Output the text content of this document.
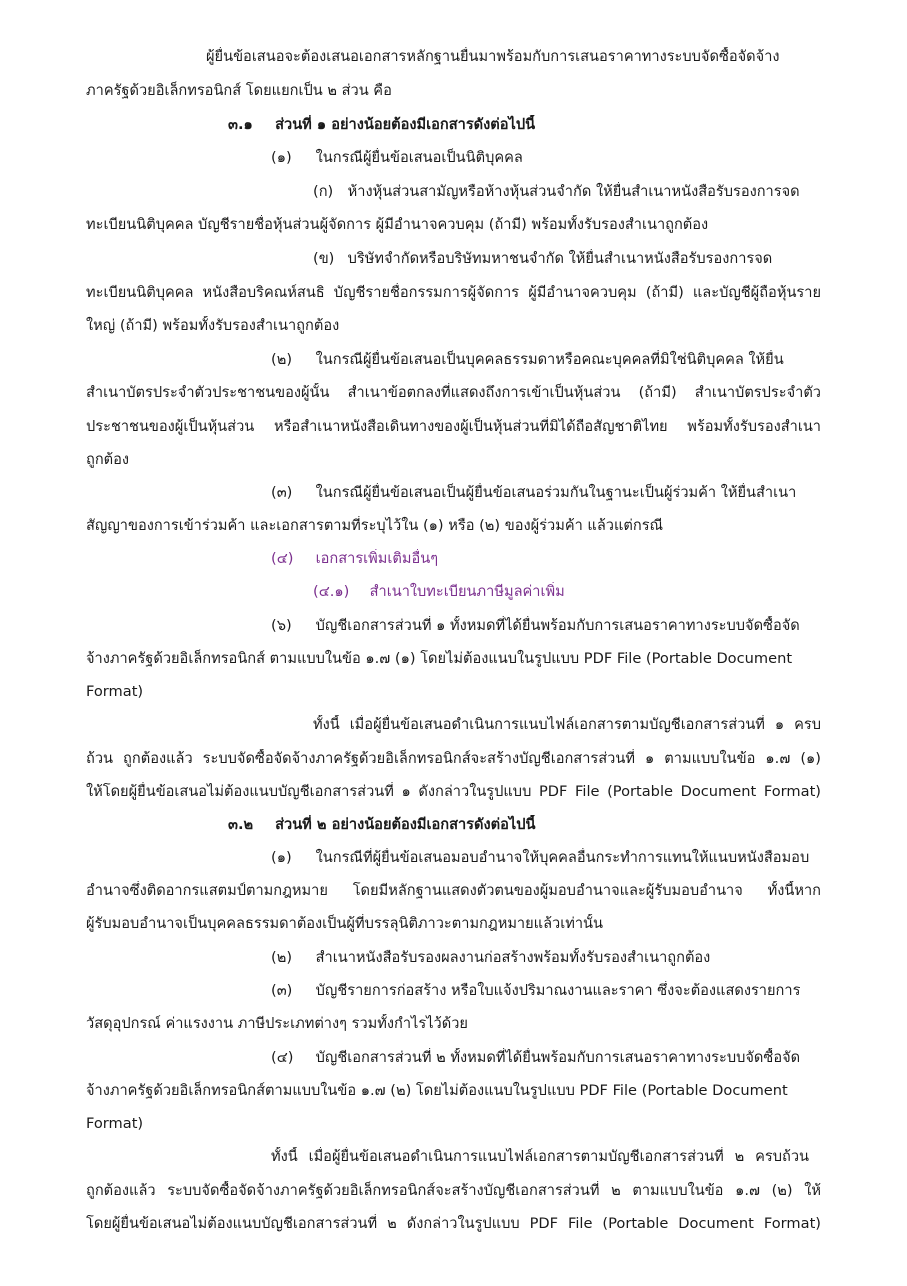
ผู้ยื่นข้อเสนอจะต้องเสนอเอกสารหลักฐานยื่นมาพร้อมกับการเสนอราคาทางระบบจัดซื้อจัดจ้าง
ภาครัฐด้วยอิเล็กทรอนิกส์ โดยแยกเป็น ๒ ส่วน คือ
๓.๑ ส่วนที่ ๑ อย่างน้อยต้องมีเอกสารดังต่อไปนี้
(๑) ในกรณีผู้ยื่นข้อเสนอเป็นนิติบุคคล
(ก) ห้างหุ้นส่วนสามัญหรือห้างหุ้นส่วนจำกัด ให้ยื่นสำเนาหนังสือรับรองการจด
ทะเบียนนิติบุคคล บัญชีรายชื่อหุ้นส่วนผู้จัดการ ผู้มีอำนาจควบคุม (ถ้ามี) พร้อมทั้งรับรองสำเนาถูกต้อง
(ข) บริษัทจำกัดหรือบริษัทมหาชนจำกัด ให้ยื่นสำเนาหนังสือรับรองการจด
ทะเบียนนิติบุคคล หนังสือบริคณห์สนธิ บัญชีรายชื่อกรรมการผู้จัดการ ผู้มีอำนาจควบคุม (ถ้ามี) และบัญชีผู้ถือหุ้นราย
ใหญ่ (ถ้ามี) พร้อมทั้งรับรองสำเนาถูกต้อง
(๒) ในกรณีผู้ยื่นข้อเสนอเป็นบุคคลธรรมดาหรือคณะบุคคลที่มิใช่นิติบุคคล ให้ยื่น
สำเนาบัตรประจำตัวประชาชนของผู้นั้น สำเนาข้อตกลงที่แสดงถึงการเข้าเป็นหุ้นส่วน (ถ้ามี) สำเนาบัตรประจำตัว
ประชาชนของผู้เป็นหุ้นส่วน หรือสำเนาหนังสือเดินทางของผู้เป็นหุ้นส่วนที่มิได้ถือสัญชาติไทย พร้อมทั้งรับรองสำเนา
ถูกต้อง
(๓) ในกรณีผู้ยื่นข้อเสนอเป็นผู้ยื่นข้อเสนอร่วมกันในฐานะเป็นผู้ร่วมค้า ให้ยื่นสำเนา
สัญญาของการเข้าร่วมค้า และเอกสารตามที่ระบุไว้ใน (๑) หรือ (๒) ของผู้ร่วมค้า แล้วแต่กรณี
(๔) เอกสารเพิ่มเติมอื่นๆ
(๔.๑) สำเนาใบทะเบียนภาษีมูลค่าเพิ่ม
(๖) บัญชีเอกสารส่วนที่ ๑ ทั้งหมดที่ได้ยื่นพร้อมกับการเสนอราคาทางระบบจัดซื้อจัด
จ้างภาครัฐด้วยอิเล็กทรอนิกส์ ตามแบบในข้อ ๑.๗ (๑) โดยไม่ต้องแนบในรูปแบบ PDF File (Portable Document
Format)
ทั้งนี้ เมื่อผู้ยื่นข้อเสนอดำเนินการแนบไฟล์เอกสารตามบัญชีเอกสารส่วนที่ ๑ ครบ
ถ้วน ถูกต้องแล้ว ระบบจัดซื้อจัดจ้างภาครัฐด้วยอิเล็กทรอนิกส์จะสร้างบัญชีเอกสารส่วนที่ ๑ ตามแบบในข้อ ๑.๗ (๑)
ให้โดยผู้ยื่นข้อเสนอไม่ต้องแนบบัญชีเอกสารส่วนที่ ๑ ดังกล่าวในรูปแบบ PDF File (Portable Document Format)
๓.๒ ส่วนที่ ๒ อย่างน้อยต้องมีเอกสารดังต่อไปนี้
(๑) ในกรณีที่ผู้ยื่นข้อเสนอมอบอำนาจให้บุคคลอื่นกระทำการแทนให้แนบหนังสือมอบ
อำนาจซึ่งติดอากรแสตมป์ตามกฎหมาย โดยมีหลักฐานแสดงตัวตนของผู้มอบอำนาจและผู้รับมอบอำนาจ ทั้งนี้หาก
ผู้รับมอบอำนาจเป็นบุคคลธรรมดาต้องเป็นผู้ที่บรรลุนิติภาวะตามกฎหมายแล้วเท่านั้น
(๒) สำเนาหนังสือรับรองผลงานก่อสร้างพร้อมทั้งรับรองสำเนาถูกต้อง
(๓) บัญชีรายการก่อสร้าง หรือใบแจ้งปริมาณงานและราคา ซึ่งจะต้องแสดงรายการ
วัสดุอุปกรณ์ ค่าแรงงาน ภาษีประเภทต่างๆ รวมทั้งกำไรไว้ด้วย
(๔) บัญชีเอกสารส่วนที่ ๒ ทั้งหมดที่ได้ยื่นพร้อมกับการเสนอราคาทางระบบจัดซื้อจัด
จ้างภาครัฐด้วยอิเล็กทรอนิกส์ตามแบบในข้อ ๑.๗ (๒) โดยไม่ต้องแนบในรูปแบบ PDF File (Portable Document
Format)
ทั้งนี้ เมื่อผู้ยื่นข้อเสนอดำเนินการแนบไฟล์เอกสารตามบัญชีเอกสารส่วนที่ ๒ ครบถ้วน
ถูกต้องแล้ว ระบบจัดซื้อจัดจ้างภาครัฐด้วยอิเล็กทรอนิกส์จะสร้างบัญชีเอกสารส่วนที่ ๒ ตามแบบในข้อ ๑.๗ (๒) ให้
โดยผู้ยื่นข้อเสนอไม่ต้องแนบบัญชีเอกสารส่วนที่ ๒ ดังกล่าวในรูปแบบ PDF File (Portable Document Format)
